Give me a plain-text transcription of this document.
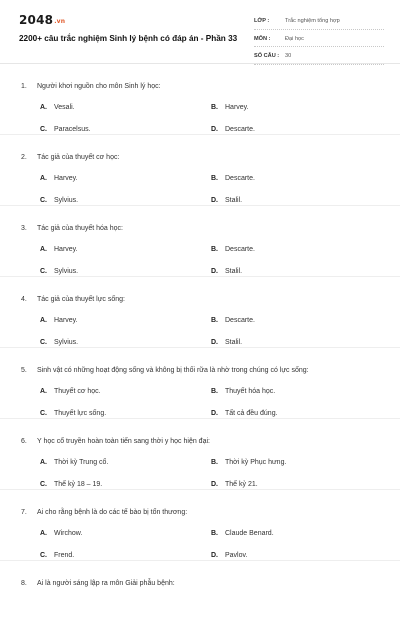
2048.vn
2200+ câu trắc nghiệm Sinh lý bệnh có đáp án - Phần 33
LỚP :	Trắc nghiệm tổng hợp
MÔN :	Đại học
SỐ CÂU : 30
1. Người khơi nguồn cho môn Sinh lý học:
A. Vesali.	B. Harvey.
C. Paracelsus.	D. Descarte.
2. Tác giả của thuyết cơ học:
A. Harvey.	B. Descarte.
C. Sylvius.	D. Stalil.
3. Tác giả của thuyết hóa học:
A. Harvey.	B. Descarte.
C. Sylvius.	D. Stalil.
4. Tác giả của thuyết lực sống:
A. Harvey.	B. Descarte.
C. Sylvius.	D. Stalil.
5. Sinh vật có những hoạt động sống và không bị thối rữa là nhờ trong chúng có lực sống:
A. Thuyết cơ học.	B. Thuyết hóa học.
C. Thuyết lực sống.	D. Tất cả đều đúng.
6. Y học cổ truyền hoàn toàn tiến sang thời y học hiện đại:
A. Thời kỳ Trung cổ.	B. Thời kỳ Phục hưng.
C. Thế kỷ 18 – 19.	D. Thế kỷ 21.
7. Ai cho rằng bệnh là do các tế bào bị tổn thương:
A. Wirchow.	B. Claude Benard.
C. Frend.	D. Pavlov.
8. Ai là người sáng lập ra môn Giải phẫu bệnh:
